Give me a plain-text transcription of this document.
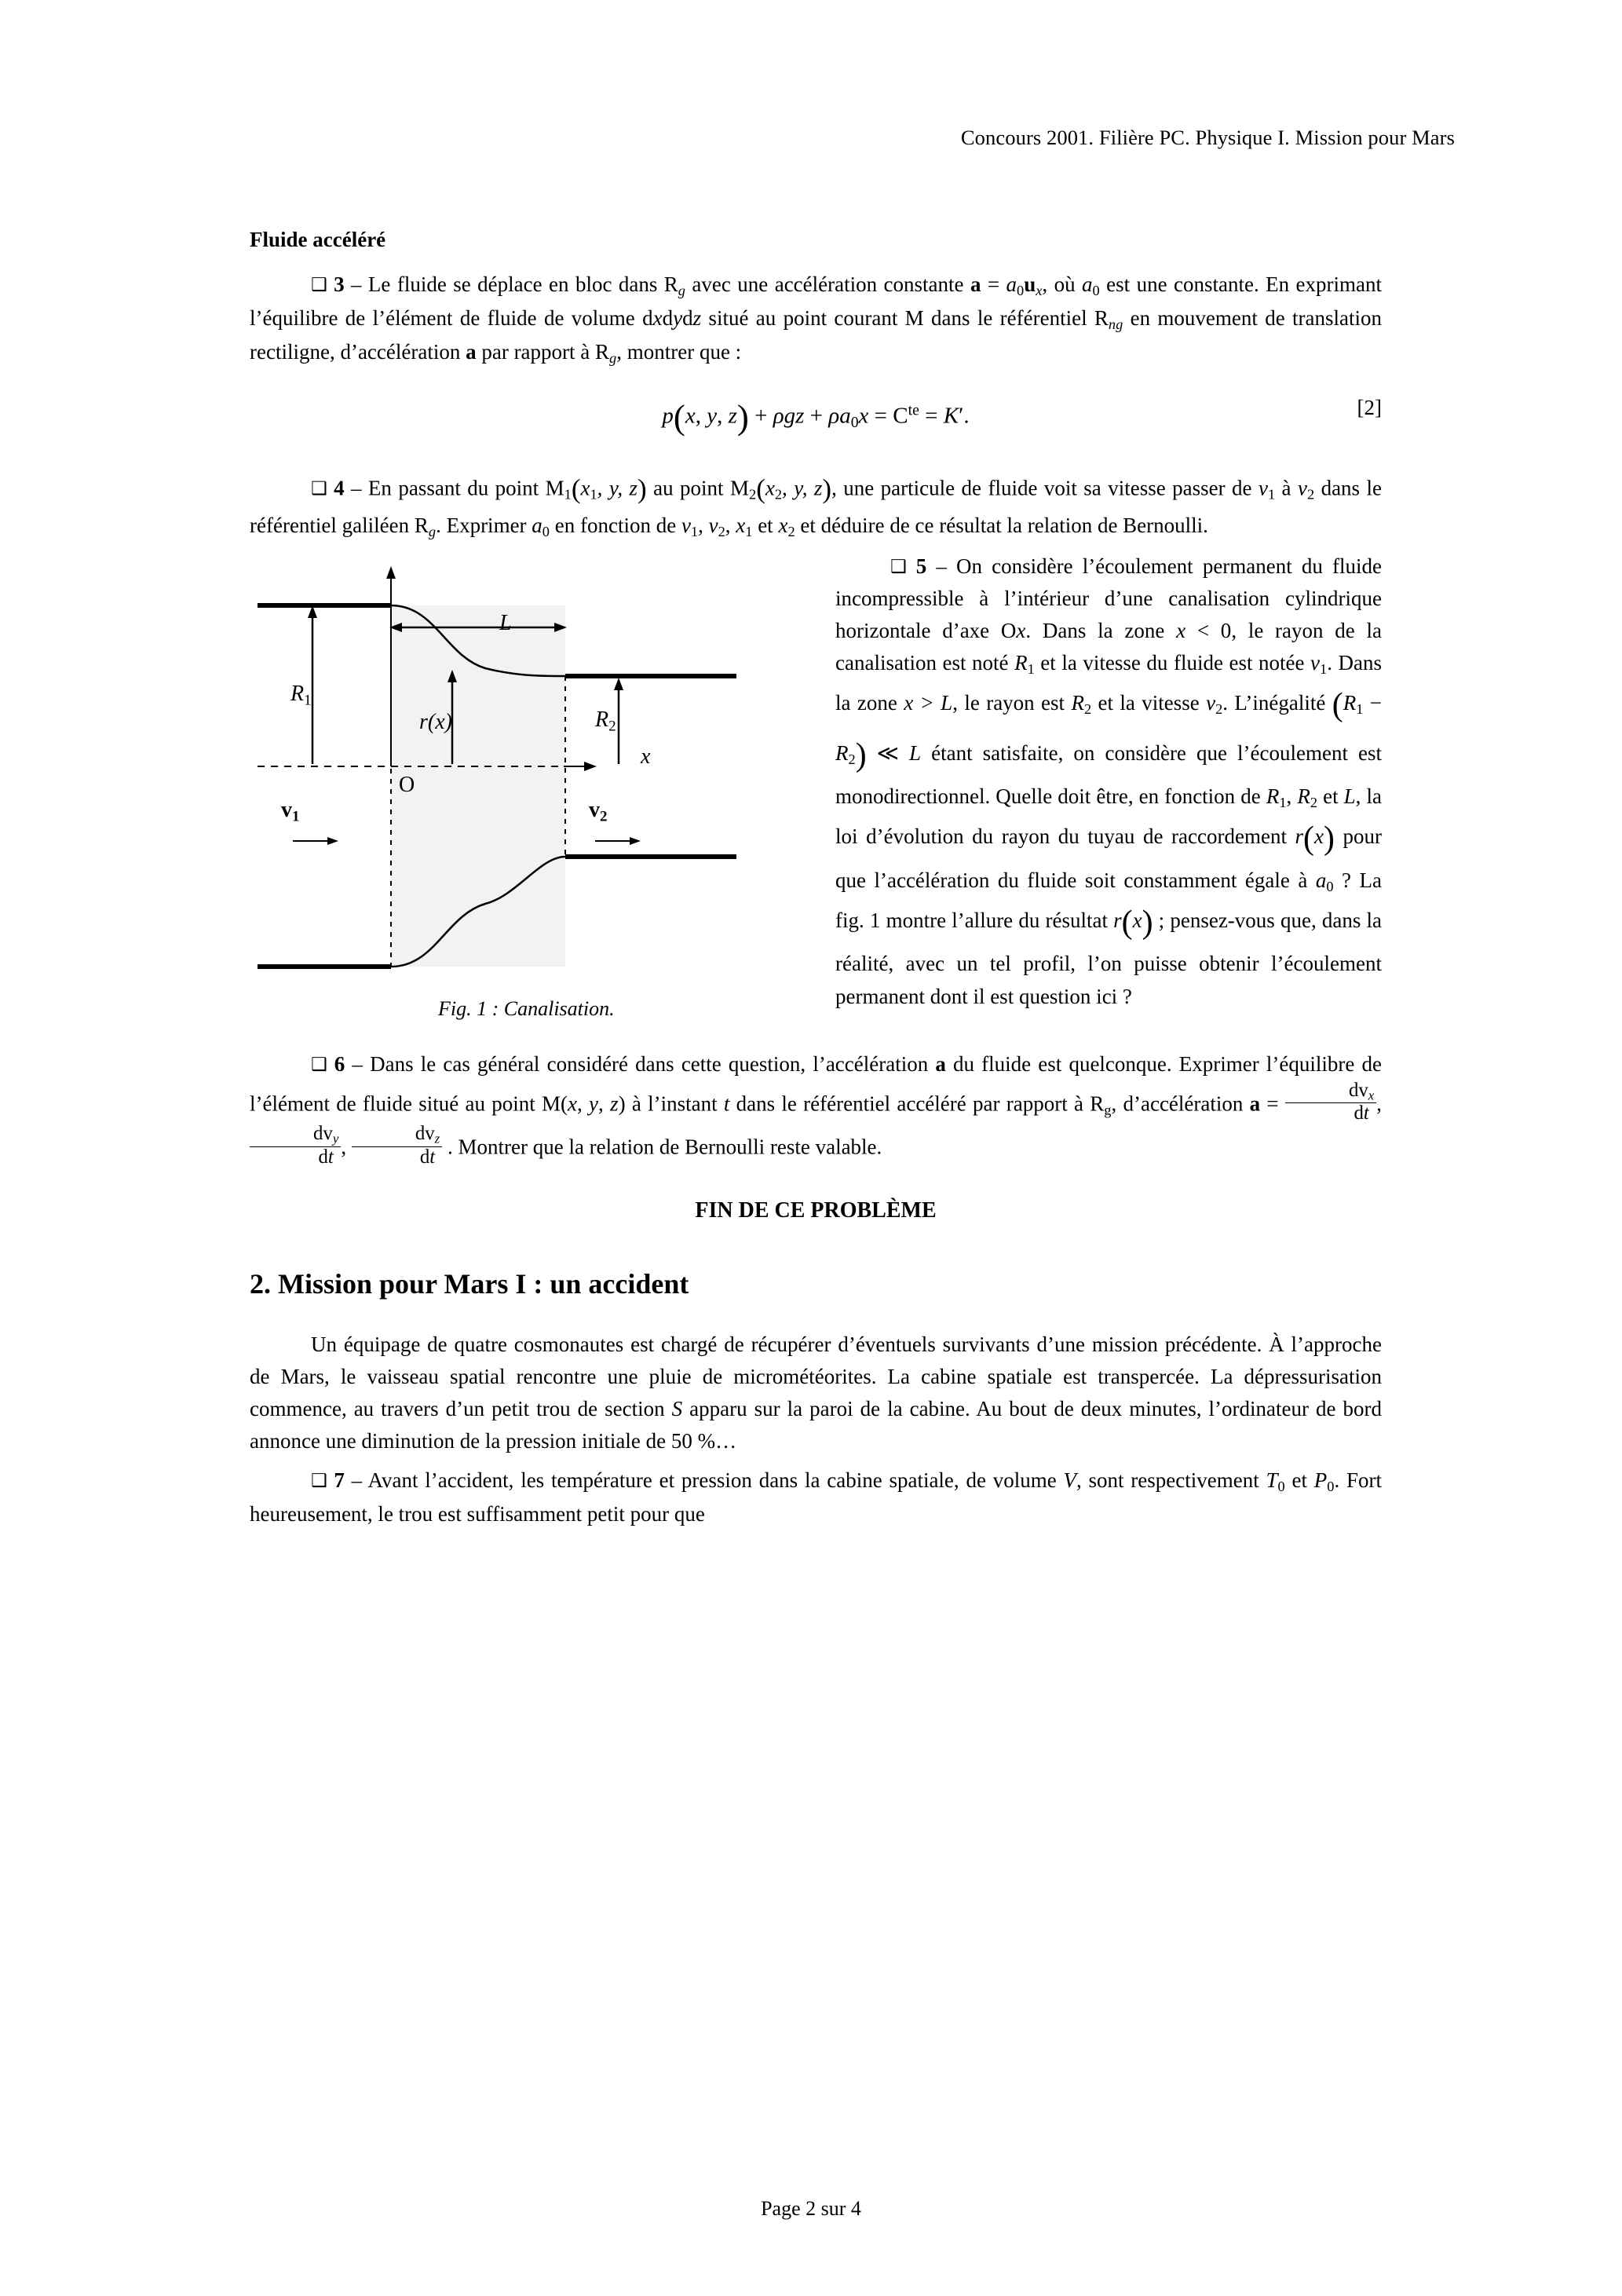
Concours 2001. Filière PC. Physique I. Mission pour Mars
Fluide accéléré

❑ 3 – Le fluide se déplace en bloc dans $R_g$ avec une accélération constante $a = a_0u_x$, où $a_0$ est une constante. En exprimant l’équilibre de l’élément de fluide de volume dxdydz situé au point courant M dans le référentiel $R_{ng}$ en mouvement de translation rectiligne, d’accélération a par rapport à $R_g$, montrer que :

p(x, y, $z) + \rho gz + \rho a_0x = C^{te} = K'$.	[2]

❑ 4 – En passant du point $M_1(x_1$, y, z) au point $M_2(x_2$, y, z), une particule de fluide voit sa vitesse passer de $v_1$ à $v_2$ dans le référentiel galiléen $R_g$. Exprimer $a_0$ en fonction de $v_1$, $v_2$, $x_1$ et $x_2$ et déduire de ce résultat la relation de Bernoulli.

L
$R_1$
$R_2$
r(x)
O
x
$v_1$	$v_2$
Fig. 1 : Canalisation.

❑ 5 – On considère l’écoulement permanent du fluide incompressible à l’intérieur d’une canalisation cylindrique horizontale d’axe Ox. Dans la zone x < 0, le rayon de la canalisation est noté $R_1$ et la vitesse du fluide est notée $v_1$. Dans la zone x > L, le rayon est $R_2$ et la vitesse $v_2$. L’inégalité $(R_1 - R_2)$ ≪ L étant satisfaite, on considère que l’écoulement est monodirectionnel. Quelle doit être, en fonction de $R_1$, $R_2$ et L, la loi d’évolution du rayon du tuyau de raccordement r(x) pour que l’accélération du fluide soit constamment égale à $a_0$ ? La fig. 1 montre l’allure du résultat r(x) ; pensez-vous que, dans la réalité, avec un tel profil, l’on puisse obtenir l’écoulement permanent dont il est question ici ?

❑ 6 – Dans le cas général considéré dans cette question, l’accélération a du fluide est quelconque. Exprimer l’équilibre de l’élément de fluide situé au point M(x, y, z) à l’instant t dans le référentiel accéléré par rapport à $R_g$, d’accélération $a = \frac{dv_x}{dt}$ ,
$\frac{dv_y}{dt}$ , $\frac{dv_z}{dt}$ . Montrer que la relation de Bernoulli reste valable.

FIN DE CE PROBLÈME
2. Mission pour Mars I : un accident

Un équipage de quatre cosmonautes est chargé de récupérer d’éventuels survivants d’une mission précédente. À l’approche de Mars, le vaisseau spatial rencontre une pluie de micrométéorites. La cabine spatiale est transpercée. La dépressurisation commence, au travers d’un petit trou de section S apparu sur la paroi de la cabine. Au bout de deux minutes, l’ordinateur de bord annonce une diminution de la pression initiale de 50 %…

❑ 7 – Avant l’accident, les température et pression dans la cabine spatiale, de volume V, sont respectivement $T_0$ et $P_0$. Fort heureusement, le trou est suffisamment petit pour que

Page 2 sur 4
